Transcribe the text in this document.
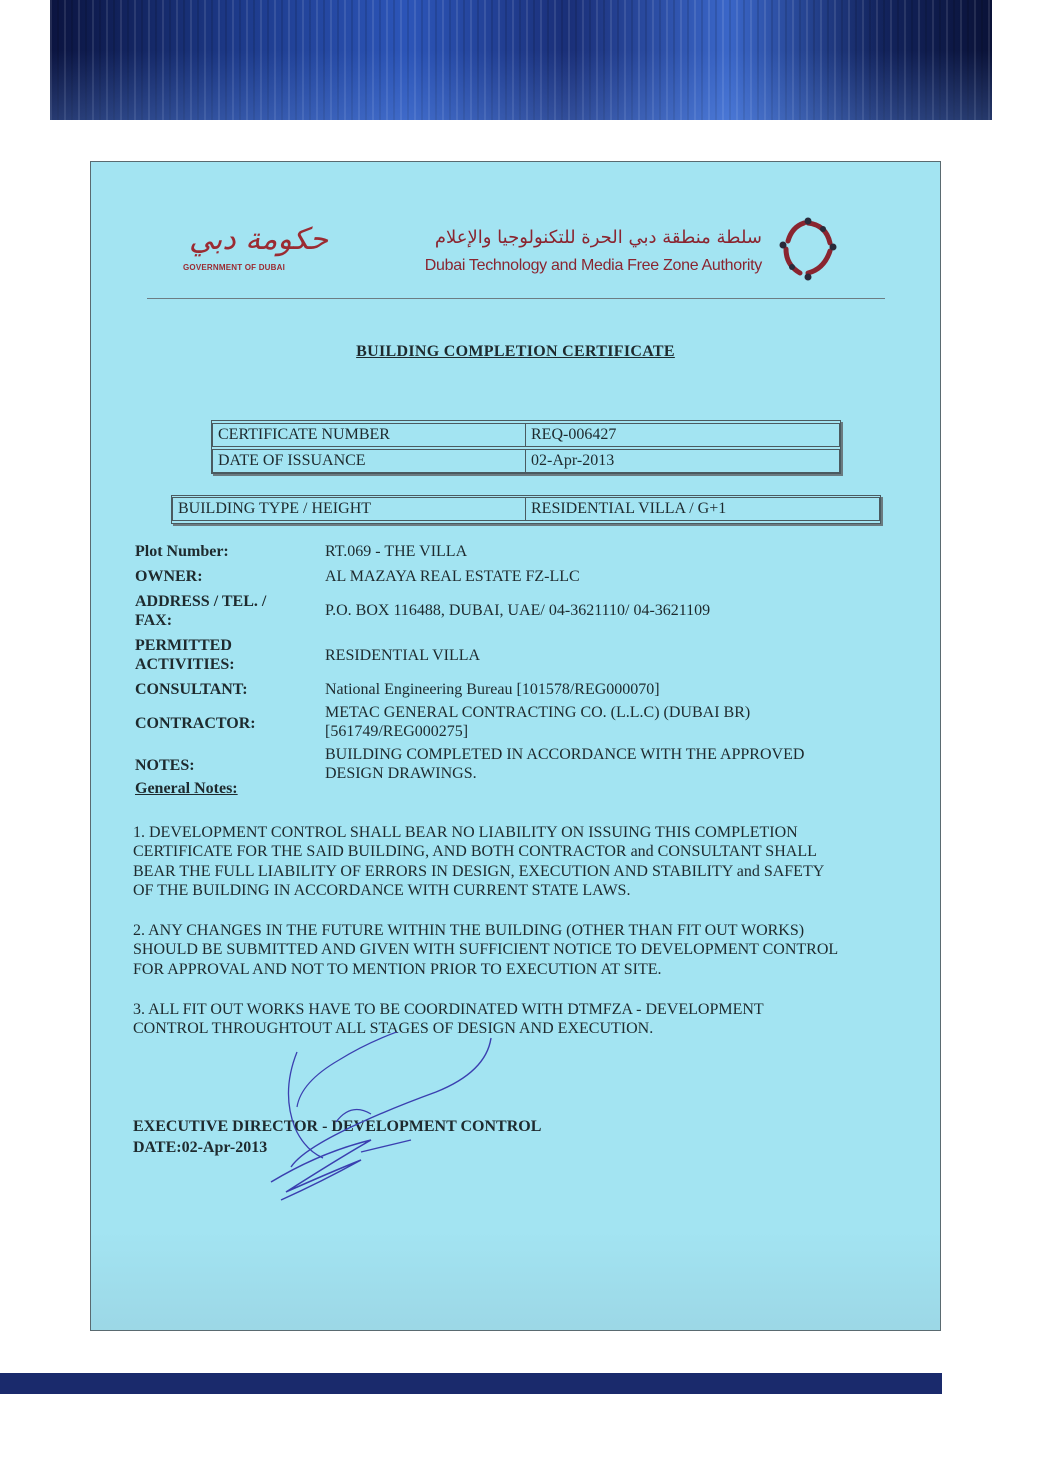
حكومة دبي
GOVERNMENT OF DUBAI
سلطة منطقة دبي الحرة للتكنولوجيا والإعلام
Dubai Technology and Media Free Zone Authority
BUILDING COMPLETION CERTIFICATE
CERTIFICATE NUMBER	REQ-006427
DATE OF ISSUANCE	02-Apr-2013
BUILDING TYPE / HEIGHT	RESIDENTIAL VILLA / G+1
Plot Number:	RT.069 - THE VILLA
OWNER:	AL MAZAYA REAL ESTATE FZ-LLC
ADDRESS / TEL. /
FAX:
P.O. BOX 116488, DUBAI, UAE/ 04-3621110/ 04-3621109
PERMITTED
ACTIVITIES:
RESIDENTIAL VILLA
CONSULTANT:	National Engineering Bureau [101578/REG000070]
CONTRACTOR:
METAC GENERAL CONTRACTING CO. (L.L.C) (DUBAI BR)
[561749/REG000275]
NOTES:
BUILDING COMPLETED IN ACCORDANCE WITH THE APPROVED
DESIGN DRAWINGS.
General Notes:
1. DEVELOPMENT CONTROL SHALL BEAR NO LIABILITY ON ISSUING THIS COMPLETION
CERTIFICATE FOR THE SAID BUILDING, AND BOTH CONTRACTOR and CONSULTANT SHALL
BEAR THE FULL LIABILITY OF ERRORS IN DESIGN, EXECUTION AND STABILITY and SAFETY
OF THE BUILDING IN ACCORDANCE WITH CURRENT STATE LAWS.
2. ANY CHANGES IN THE FUTURE WITHIN THE BUILDING (OTHER THAN FIT OUT WORKS)
SHOULD BE SUBMITTED AND GIVEN WITH SUFFICIENT NOTICE TO DEVELOPMENT CONTROL
FOR APPROVAL AND NOT TO MENTION PRIOR TO EXECUTION AT SITE.
3. ALL FIT OUT WORKS HAVE TO BE COORDINATED WITH DTMFZA - DEVELOPMENT
CONTROL THROUGHTOUT ALL STAGES OF DESIGN AND EXECUTION.
EXECUTIVE DIRECTOR - DEVELOPMENT CONTROL
DATE:02-Apr-2013
